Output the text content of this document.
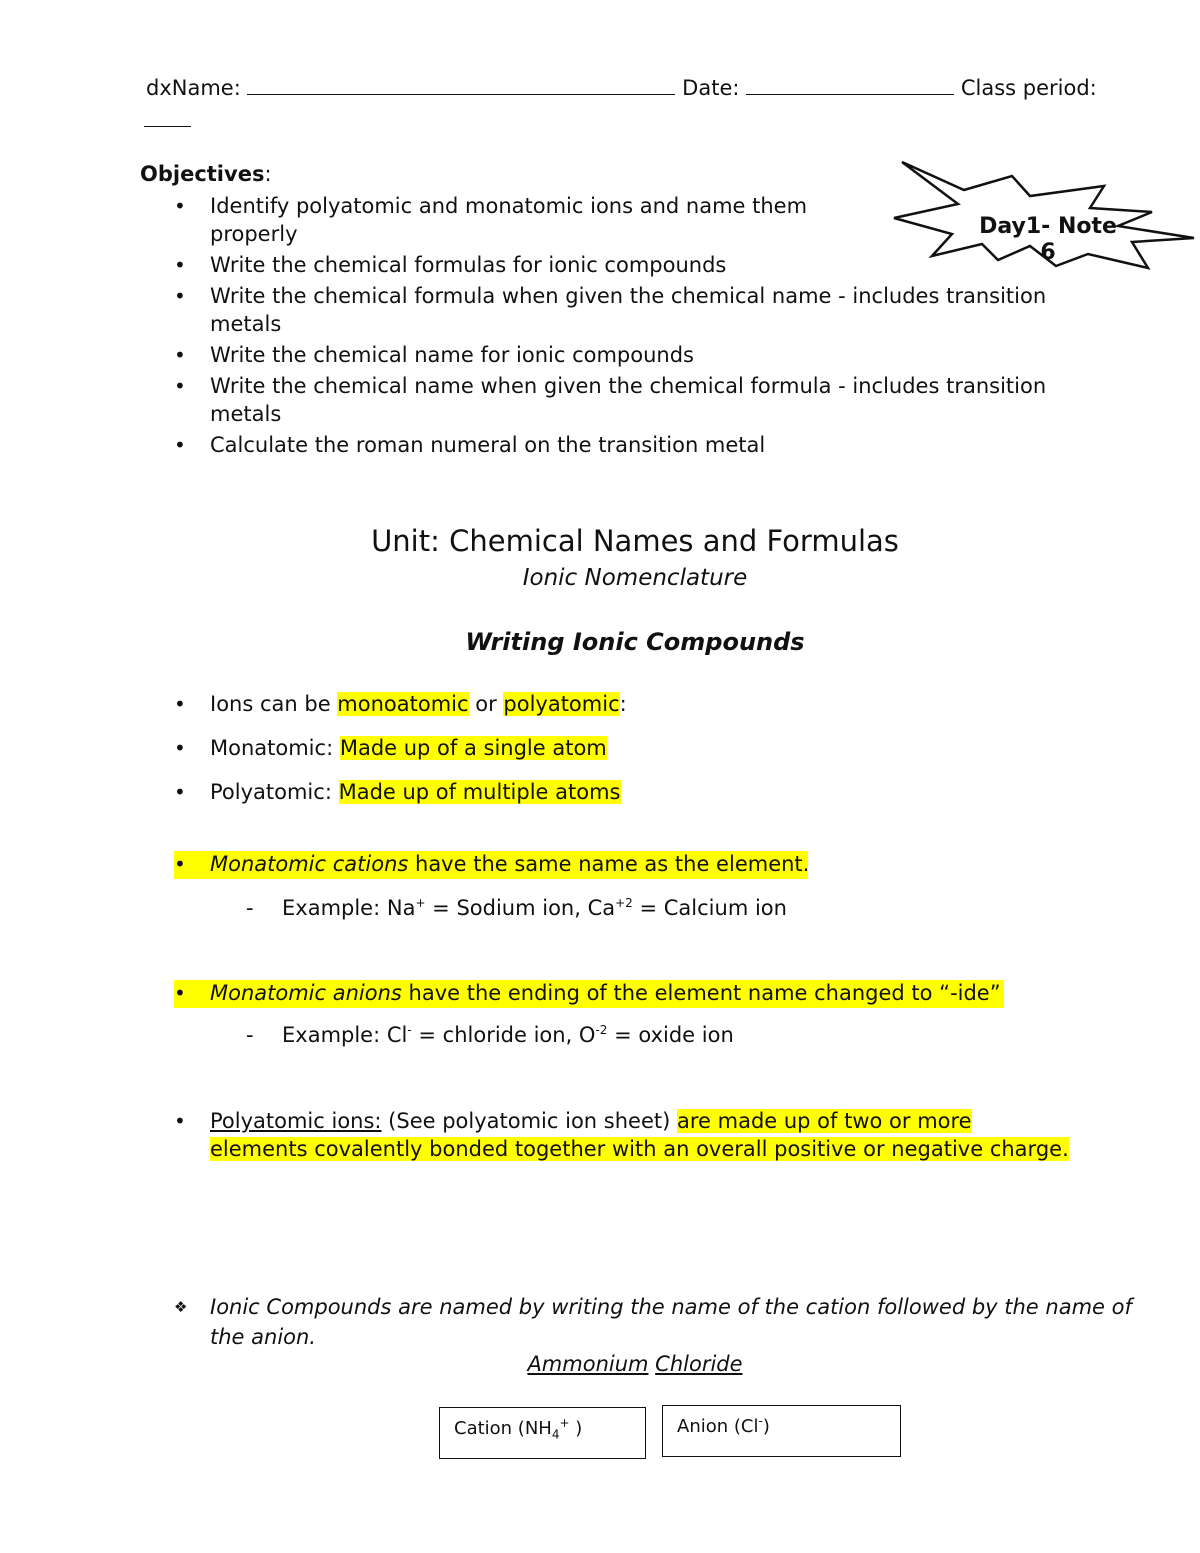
dxName:	Date:	Class period:
Objectives:
• Identify polyatomic and monatomic ions and name them properly
• Write the chemical formulas for ionic compounds
• Write the chemical formula when given the chemical name - includes transition metals
• Write the chemical name for ionic compounds
• Write the chemical name when given the chemical formula - includes transition metals
• Calculate the roman numeral on the transition metal
Day1- Note 6
Unit: Chemical Names and Formulas
Ionic Nomenclature
Writing Ionic Compounds
• Ions can be monoatomic or polyatomic:
• Monatomic: Made up of a single atom
• Polyatomic: Made up of multiple atoms
• Monatomic cations have the same name as the element.
- Example: Na+ = Sodium ion, $Ca^{+2}$ = Calcium ion
• Monatomic anions have the ending of the element name changed to “-ide”
- Example: Cl- = chloride ion, $O^{-2}$ = oxide ion
• Polyatomic ions: (See polyatomic ion sheet) are made up of two or more elements covalently bonded together with an overall positive or negative charge.
❖	Ionic Compounds are named by writing the name of the cation followed by the name of the anion.
Ammonium Chloride
Cation ($NH_4^+$ )	Anion (Cl-)
